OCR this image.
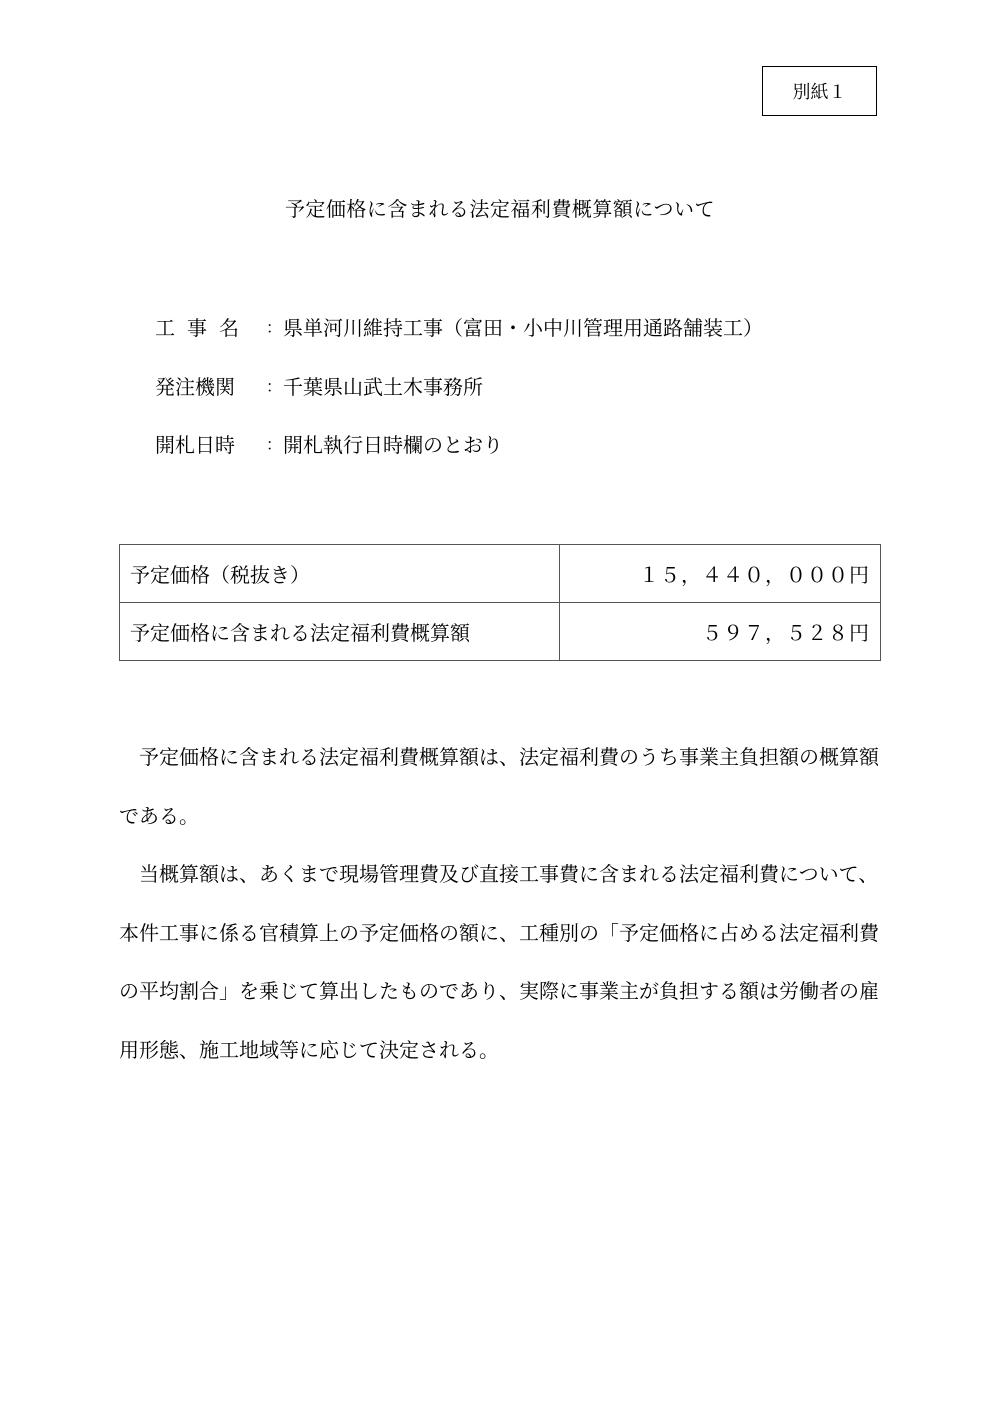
別紙１
予定価格に含まれる法定福利費概算額について
工事名 ： 県単河川維持工事（富田・小中川管理用通路舗装工）
発注機関	： 千葉県山武土木事務所
開札日時	： 開札執行日時欄のとおり
予定価格（税抜き）	１５，４４０，０００円
予定価格に含まれる法定福利費概算額	５９７，５２８円

予定価格に含まれる法定福利費概算額は、法定福利費のうち事業主負担額の概算額である。

当概算額は、あくまで現場管理費及び直接工事費に含まれる法定福利費について、本件工事に係る官積算上の予定価格の額に、工種別の「予定価格に占める法定福利費の平均割合」を乗じて算出したものであり、実際に事業主が負担する額は労働者の雇用形態、施工地域等に応じて決定される。
